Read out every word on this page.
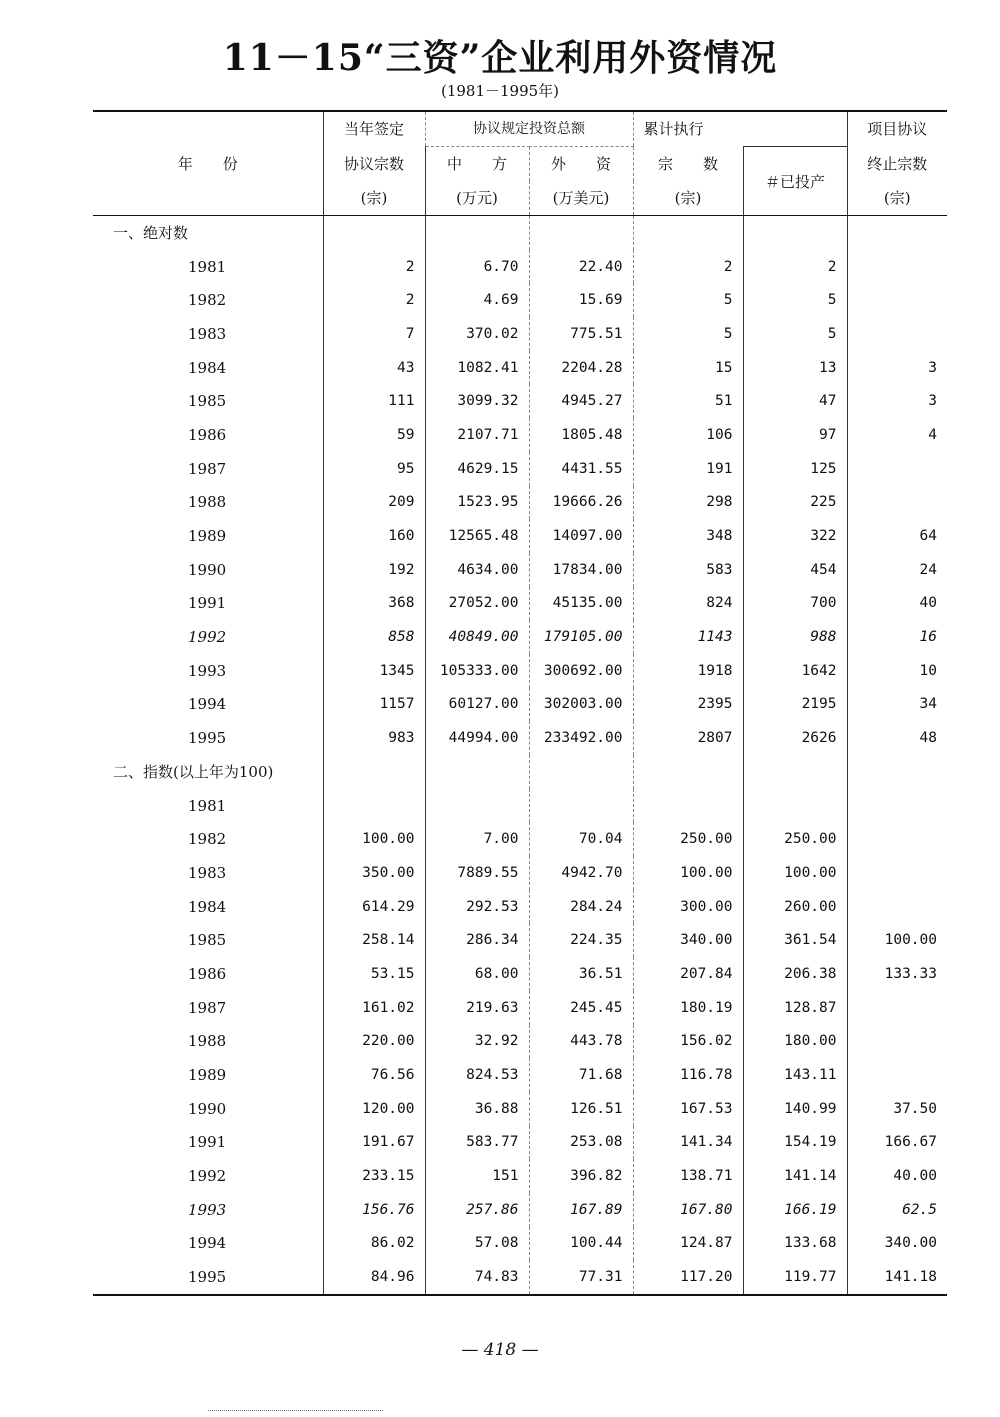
11－15“三资”企业利用外资情况
(1981－1995年)
年　　份	当年签定	协议规定投资总额		累计执行		项目协议
	协议宗数	中　　方	外　　资	宗　　数	＃已投产	终止宗数
	(宗)	(万元)	(万美元)	(宗)		(宗)
一、绝对数						
1981	2	6.70	22.40	2	2	
1982	2	4.69	15.69	5	5	
1983	7	370.02	775.51	5	5	
1984	43	1082.41	2204.28	15	13	3
1985	111	3099.32	4945.27	51	47	3
1986	59	2107.71	1805.48	106	97	4
1987	95	4629.15	4431.55	191	125	
1988	209	1523.95	19666.26	298	225	
1989	160	12565.48	14097.00	348	322	64
1990	192	4634.00	17834.00	583	454	24
1991	368	27052.00	45135.00	824	700	40
1992	858	40849.00	179105.00	1143	988	16
1993	1345	105333.00	300692.00	1918	1642	10
1994	1157	60127.00	302003.00	2395	2195	34
1995	983	44994.00	233492.00	2807	2626	48
二、指数(以上年为100)						
1981						
1982	100.00	7.00	70.04	250.00	250.00	
1983	350.00	7889.55	4942.70	100.00	100.00	
1984	614.29	292.53	284.24	300.00	260.00	
1985	258.14	286.34	224.35	340.00	361.54	100.00
1986	53.15	68.00	36.51	207.84	206.38	133.33
1987	161.02	219.63	245.45	180.19	128.87	
1988	220.00	32.92	443.78	156.02	180.00	
1989	76.56	824.53	71.68	116.78	143.11	
1990	120.00	36.88	126.51	167.53	140.99	37.50
1991	191.67	583.77	253.08	141.34	154.19	166.67
1992	233.15	151	396.82	138.71	141.14	40.00
1993	156.76	257.86	167.89	167.80	166.19	62.5
1994	86.02	57.08	100.44	124.87	133.68	340.00
1995	84.96	74.83	77.31	117.20	119.77	141.18
— 418 —
